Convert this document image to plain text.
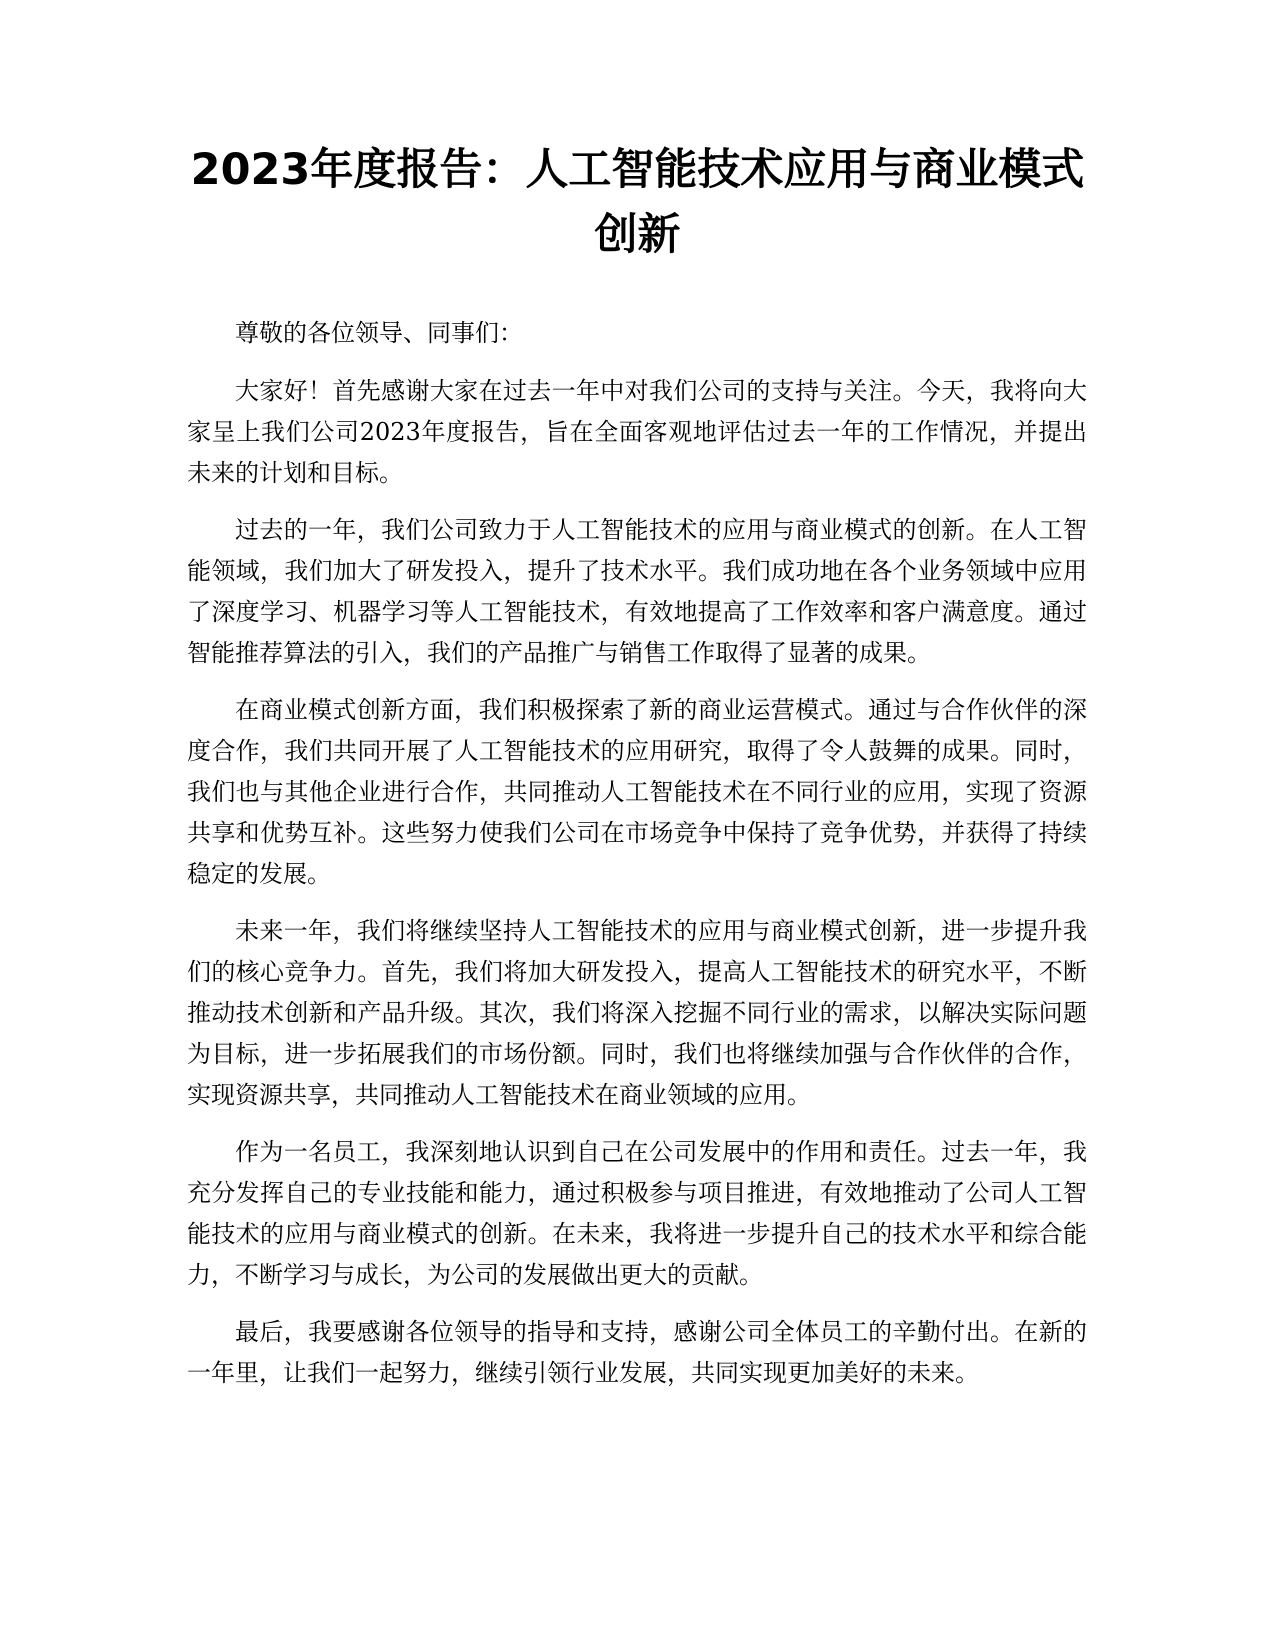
2023年度报告：人工智能技术应用与商业模式创新

尊敬的各位领导、同事们：

大家好！首先感谢大家在过去一年中对我们公司的支持与关注。今天，我将向大家呈上我们公司2023年度报告，旨在全面客观地评估过去一年的工作情况，并提出未来的计划和目标。

过去的一年，我们公司致力于人工智能技术的应用与商业模式的创新。在人工智能领域，我们加大了研发投入，提升了技术水平。我们成功地在各个业务领域中应用了深度学习、机器学习等人工智能技术，有效地提高了工作效率和客户满意度。通过智能推荐算法的引入，我们的产品推广与销售工作取得了显著的成果。

在商业模式创新方面，我们积极探索了新的商业运营模式。通过与合作伙伴的深度合作，我们共同开展了人工智能技术的应用研究，取得了令人鼓舞的成果。同时，我们也与其他企业进行合作，共同推动人工智能技术在不同行业的应用，实现了资源共享和优势互补。这些努力使我们公司在市场竞争中保持了竞争优势，并获得了持续稳定的发展。

未来一年，我们将继续坚持人工智能技术的应用与商业模式创新，进一步提升我们的核心竞争力。首先，我们将加大研发投入，提高人工智能技术的研究水平，不断推动技术创新和产品升级。其次，我们将深入挖掘不同行业的需求，以解决实际问题为目标，进一步拓展我们的市场份额。同时，我们也将继续加强与合作伙伴的合作，实现资源共享，共同推动人工智能技术在商业领域的应用。

作为一名员工，我深刻地认识到自己在公司发展中的作用和责任。过去一年，我充分发挥自己的专业技能和能力，通过积极参与项目推进，有效地推动了公司人工智能技术的应用与商业模式的创新。在未来，我将进一步提升自己的技术水平和综合能力，不断学习与成长，为公司的发展做出更大的贡献。

最后，我要感谢各位领导的指导和支持，感谢公司全体员工的辛勤付出。在新的一年里，让我们一起努力，继续引领行业发展，共同实现更加美好的未来。
